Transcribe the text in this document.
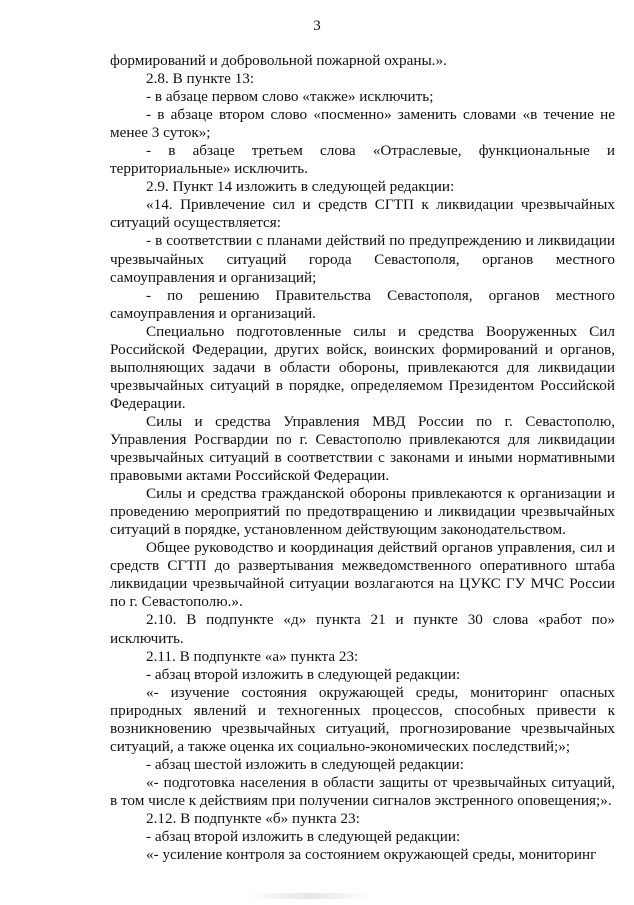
3

формирований и добровольной пожарной охраны.».

2.8. В пункте 13:

- в абзаце первом слово «также» исключить;

- в абзаце втором слово «посменно» заменить словами «в течение не менее 3 суток»;

- в абзаце третьем слова «Отраслевые, функциональные и территориальные» исключить.

2.9. Пункт 14 изложить в следующей редакции:

«14. Привлечение сил и средств СГТП к ликвидации чрезвычайных ситуаций осуществляется:

- в соответствии с планами действий по предупреждению и ликвидации чрезвычайных ситуаций города Севастополя, органов местного самоуправления и организаций;

- по решению Правительства Севастополя, органов местного самоуправления и организаций.

Специально подготовленные силы и средства Вооруженных Сил Российской Федерации, других войск, воинских формирований и органов, выполняющих задачи в области обороны, привлекаются для ликвидации чрезвычайных ситуаций в порядке, определяемом Президентом Российской Федерации.

Силы и средства Управления МВД России по г. Севастополю, Управления Росгвардии по г. Севастополю привлекаются для ликвидации чрезвычайных ситуаций в соответствии с законами и иными нормативными правовыми актами Российской Федерации.

Силы и средства гражданской обороны привлекаются к организации и проведению мероприятий по предотвращению и ликвидации чрезвычайных ситуаций в порядке, установленном действующим законодательством.

Общее руководство и координация действий органов управления, сил и средств СГТП до развертывания межведомственного оперативного штаба ликвидации чрезвычайной ситуации возлагаются на ЦУКС ГУ МЧС России по г. Севастополю.».

2.10. В подпункте «д» пункта 21 и пункте 30 слова «работ по» исключить.

2.11. В подпункте «а» пункта 23:

- абзац второй изложить в следующей редакции:

«- изучение состояния окружающей среды, мониторинг опасных природных явлений и техногенных процессов, способных привести к возникновению чрезвычайных ситуаций, прогнозирование чрезвычайных ситуаций, а также оценка их социально-экономических последствий;»;

- абзац шестой изложить в следующей редакции:

«- подготовка населения в области защиты от чрезвычайных ситуаций, в том числе к действиям при получении сигналов экстренного оповещения;».

2.12. В подпункте «б» пункта 23:

- абзац второй изложить в следующей редакции:

«- усиление контроля за состоянием окружающей среды, мониторинг
